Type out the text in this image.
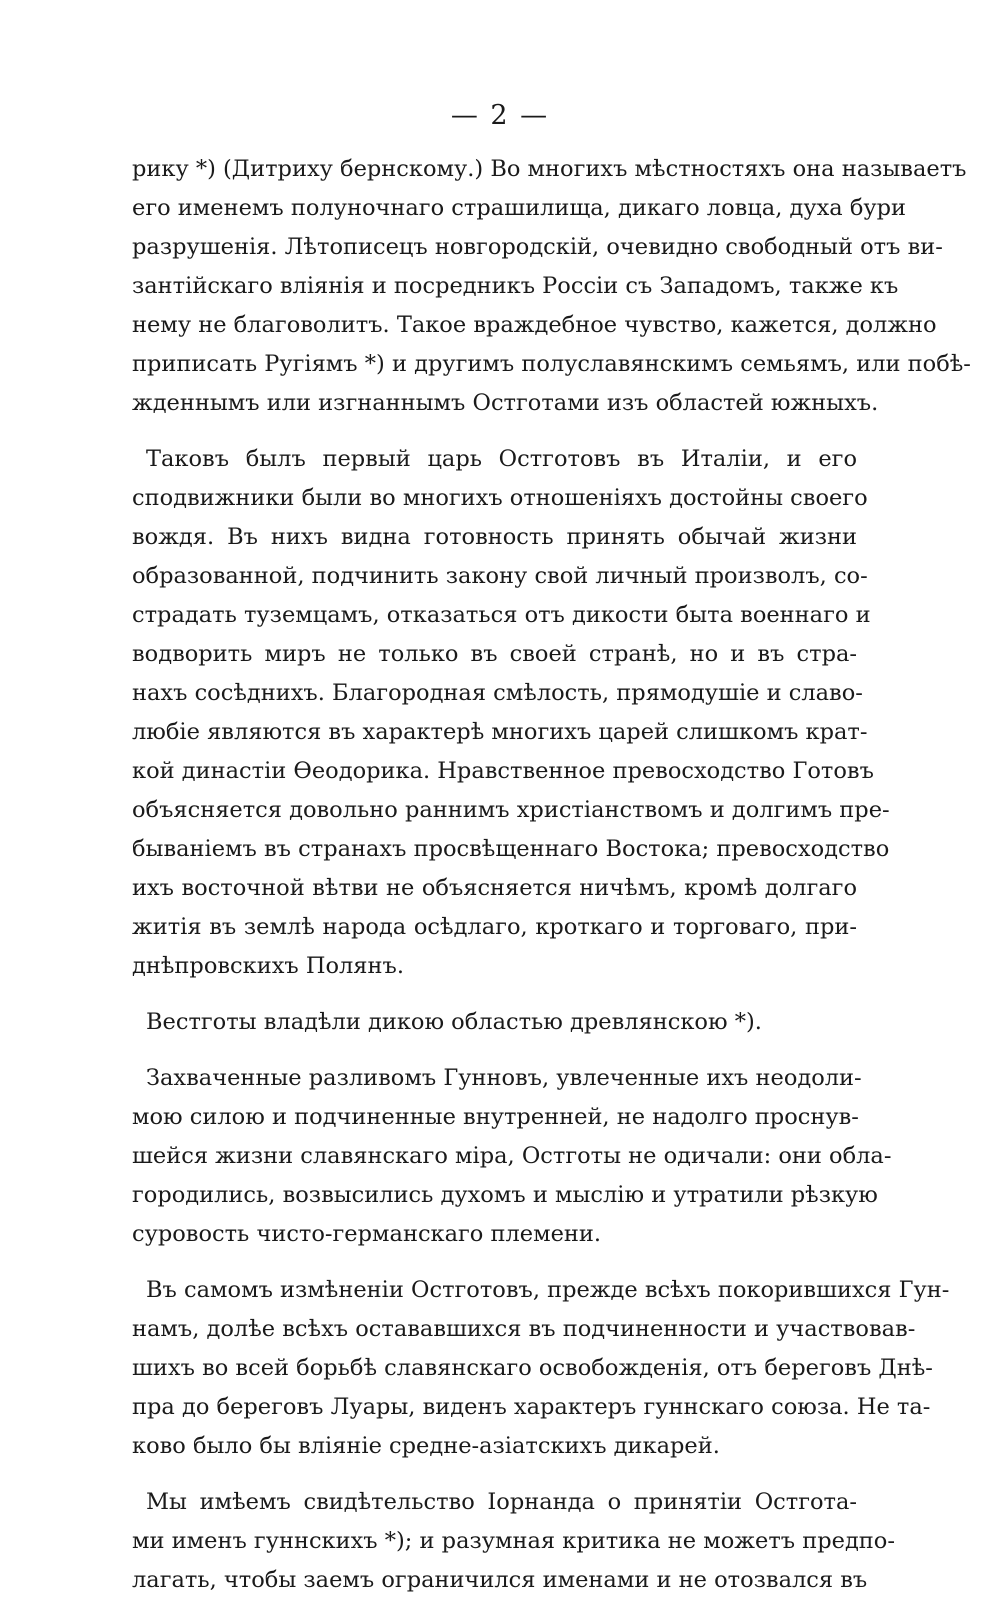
— 2 —
рику *) (Дитриху бернскому.) Во многихъ мѣстностяхъ она называетъ
его именемъ полуночнаго страшилища, дикаго ловца, духа бури
разрушенія. Лѣтописецъ новгородскій, очевидно свободный отъ ви-
зантійскаго вліянія и посредникъ Россіи съ Западомъ, также къ
нему не благоволитъ. Такое враждебное чувство, кажется, должно
приписать Ругіямъ *) и другимъ полуславянскимъ семьямъ, или побѣ-
жденнымъ или изгнаннымъ Остготами изъ областей южныхъ.
Таковъ былъ первый царь Остготовъ въ Италіи, и его
сподвижники были во многихъ отношеніяхъ достойны своего
вождя. Въ нихъ видна готовность принять обычай жизни
образованной, подчинить закону свой личный произволъ, со-
страдать туземцамъ, отказаться отъ дикости быта военнаго и
водворить миръ не только въ своей странѣ, но и въ стра-
нахъ сосѣднихъ. Благородная смѣлость, прямодушіе и славо-
любіе являются въ характерѣ многихъ царей слишкомъ крат-
кой династіи Ѳеодорика. Нравственное превосходство Готовъ
объясняется довольно раннимъ христіанствомъ и долгимъ пре-
быванiемъ въ странахъ просвѣщеннаго Востока; превосходство
ихъ восточной вѣтви не объясняется ничѣмъ, кромѣ долгаго
житія въ землѣ народа осѣдлаго, кроткаго и торговаго, при-
днѣпровскихъ Полянъ.
Вестготы владѣли дикою областью древлянскою *).
Захваченные разливомъ Гунновъ, увлеченные ихъ неодоли-
мою силою и подчиненные внутренней, не надолго проснув-
шейся жизни славянскаго міра, Остготы не одичали: они обла-
городились, возвысились духомъ и мыслію и утратили рѣзкую
суровость чисто-германскаго племени.
Въ самомъ измѣненіи Остготовъ, прежде всѣхъ покорившихся Гун-
намъ, долѣе всѣхъ остававшихся въ подчиненности и участвовав-
шихъ во всей борьбѣ славянскаго освобожденія, отъ береговъ Днѣ-
пра до береговъ Луары, виденъ характеръ гуннскаго союза. Не та-
ково было бы вліяніе средне-азіатскихъ дикарей.
Мы имѣемъ свидѣтельство Іорнанда о принятіи Остгота-
ми именъ гуннскихъ *); и разумная критика не можетъ предпо-
лагать, чтобы заемъ ограничился именами и не отозвался въ
